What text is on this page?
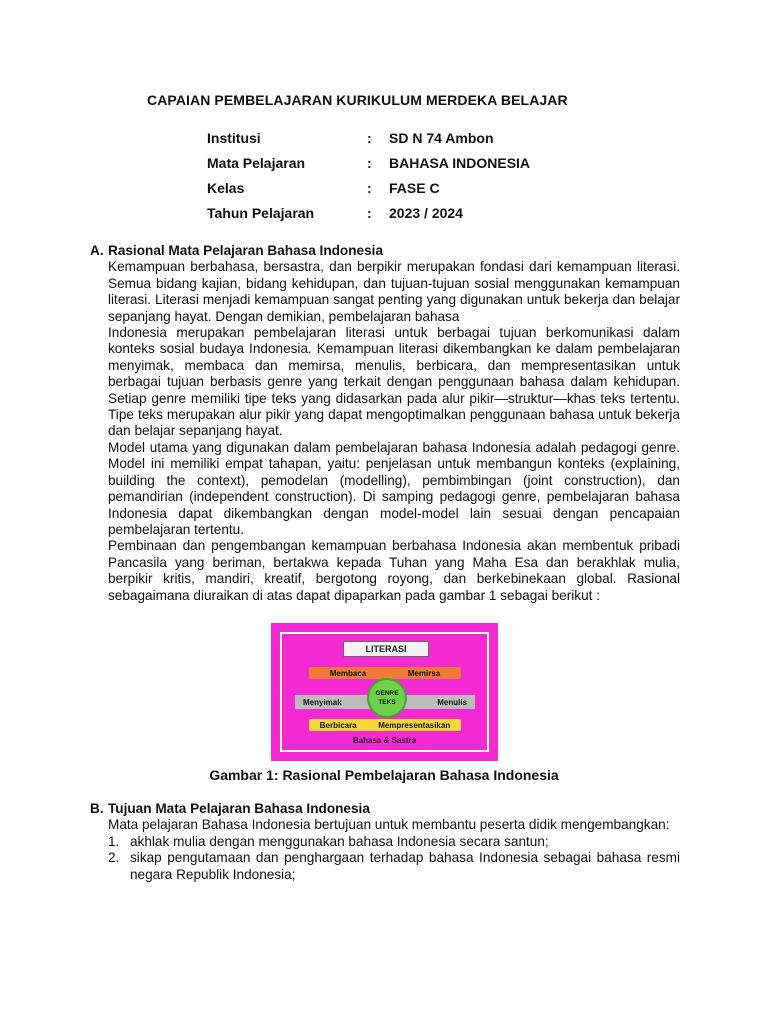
CAPAIAN PEMBELAJARAN KURIKULUM MERDEKA BELAJAR
Institusi	: SD N 74 Ambon
Mata Pelajaran	: BAHASA INDONESIA
Kelas	: FASE C
Tahun Pelajaran	: 2023 / 2024
A. Rasional Mata Pelajaran Bahasa Indonesia
Kemampuan berbahasa, bersastra, dan berpikir merupakan fondasi dari kemampuan literasi. Semua bidang kajian, bidang kehidupan, dan tujuan-tujuan sosial menggunakan kemampuan literasi. Literasi menjadi kemampuan sangat penting yang digunakan untuk bekerja dan belajar sepanjang hayat. Dengan demikian, pembelajaran bahasa
Indonesia merupakan pembelajaran literasi untuk berbagai tujuan berkomunikasi dalam konteks sosial budaya Indonesia. Kemampuan literasi dikembangkan ke dalam pembelajaran menyimak, membaca dan memirsa, menulis, berbicara, dan mempresentasikan untuk berbagai tujuan berbasis genre yang terkait dengan penggunaan bahasa dalam kehidupan. Setiap genre memiliki tipe teks yang didasarkan pada alur pikir—struktur—khas teks tertentu. Tipe teks merupakan alur pikir yang dapat mengoptimalkan penggunaan bahasa untuk bekerja dan belajar sepanjang hayat.
Model utama yang digunakan dalam pembelajaran bahasa Indonesia adalah pedagogi genre. Model ini memiliki empat tahapan, yaitu: penjelasan untuk membangun konteks (explaining, building the context), pemodelan (modelling), pembimbingan (joint construction), dan pemandirian (independent construction). Di samping pedagogi genre, pembelajaran bahasa Indonesia dapat dikembangkan dengan model-model lain sesuai dengan pencapaian pembelajaran tertentu.
Pembinaan dan pengembangan kemampuan berbahasa Indonesia akan membentuk pribadi Pancasila yang beriman, bertakwa kepada Tuhan yang Maha Esa dan berakhlak mulia, berpikir kritis, mandiri, kreatif, bergotong royong, dan berkebinekaan global. Rasional sebagaimana diuraikan di atas dapat dipaparkan pada gambar 1 sebagai berikut :
LITERASI
Membaca	Memirsa
Menyimak	Menulis
Berbicara	Mempresentasikan
GENRE
TEKS
Bahasa & Sastra
Gambar 1: Rasional Pembelajaran Bahasa Indonesia
B. Tujuan Mata Pelajaran Bahasa Indonesia
Mata pelajaran Bahasa Indonesia bertujuan untuk membantu peserta didik mengembangkan:
1. akhlak mulia dengan menggunakan bahasa Indonesia secara santun;
2. sikap pengutamaan dan penghargaan terhadap bahasa Indonesia sebagai bahasa resmi negara Republik Indonesia;
